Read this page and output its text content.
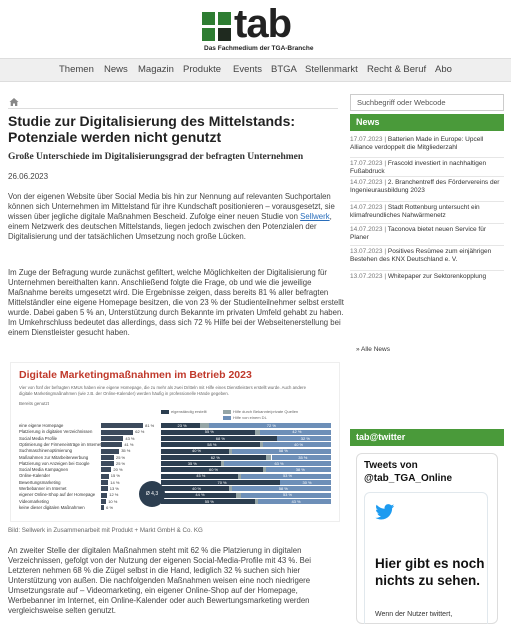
tab
Das Fachmedium der TGA-Branche
Themen News Magazin Produkte Events BTGA Stellenmarkt Recht & Beruf Abo
Studie zur Digitalisierung des Mittelstands: Potenziale werden nicht genutzt
Große Unterschiede im Digitalisierungsgrad der befragten Unternehmen
26.06.2023

Von der eigenen Website über Social Media bis hin zur Nennung auf relevanten Suchportalen können sich Unternehmen im Mittelstand für ihre Kundschaft positionieren – vorausgesetzt, sie wissen über jegliche digitale Maßnahmen Bescheid. Zufolge einer neuen Studie von Sellwerk, einem Netzwerk des deutschen Mittelstands, liegen jedoch zwischen den Potenzialen der Digitalisierung und der tatsächlichen Umsetzung noch große Lücken.

Im Zuge der Befragung wurde zunächst gefiltert, welche Möglichkeiten der Digitalisierung für Unternehmen bereithalten kann. Anschließend folgte die Frage, ob und wie die jeweilige Maßnahme bereits umgesetzt wird. Die Ergebnisse zeigen, dass bereits 81 % aller befragten Mittelständler eine eigene Homepage besitzen, die von 23 % der Studienteilnehmer selbst erstellt wurde. Dabei gaben 5 % an, Unterstützung durch Bekannte im privaten Umfeld gehabt zu haben. Im Umkehrschluss bedeutet das allerdings, dass sich 72 % Hilfe bei der Webseitenerstellung bei einem Dienstleister gesucht haben.

Digitale Marketingmaßnahmen im Betrieb 2023
Vier von fünf der befragten KMUs haben eine eigene Homepage, die zu mehr als zwei Dritteln mit Hilfe eines Dienstleisters erstellt wurde. Auch andere digitale Marketingmaßnahmen (wie z.B. der Online-Kalender) werden häufig in professionelle Hände gegeben.
Bereits genutzt
eigenständig erstellt	Hilfe durch Bekannte/private Quellen
Hilfe von einem DL
eine eigene Homepage	81 %	23 %	72 %
Platzierung in digitalen Verzeichnissen	62 %	55 %	42 %
Social Media Profile	43 %	68 %	32 %
Optimierung der Firmeneinträge im Internet	41 %	58 %	40 %
Suchmaschinenoptimierung	35 %	40 %	58 %
Maßnahmen zur Mitarbeiterwerbung	25 %	62 %	35 %
Platzierung von Anzeigen bei Google	25 %	35 %	63 %
Social Media Kampagnen	20 %	60 %	38 %
Online-Kalender	15 %	45 %	53 %
Bewertungsmarketing	14 %	70 %	30 %
Werbebanner im Internet	13 %	40 %	58 %
eigener Online-Shop auf der Homepage	12 %	44 %	53 %
Videomarketing	10 %	55 %	43 %
keine dieser digitalen Maßnahmen	6 %
Ø 4,3
Bild: Sellwerk in Zusammenarbeit mit Produkt + Markt GmbH & Co. KG

An zweiter Stelle der digitalen Maßnahmen steht mit 62 % die Platzierung in digitalen Verzeichnissen, gefolgt von der Nutzung der eigenen Social-Media-Profile mit 43 %. Bei Letzteren nehmen 68 % die Zügel selbst in die Hand, lediglich 32 % suchen sich hier Unterstützung von außen. Die nachfolgenden Maßnahmen weisen eine noch niedrigere Umsetzungsrate auf – Videomarketing, ein eigener Online-Shop auf der Homepage, Werbebanner im Internet, ein Online-Kalender oder auch Bewertungsmarketing werden vergleichsweise selten genutzt.

Suchbegriff oder Webcode
News
17.07.2023 | Batterien Made in Europe: Upcell Alliance verdoppelt die Mitgliederzahl
17.07.2023 | Frascold investiert in nachhaltigen Fußabdruck
14.07.2023 | 2. Branchentreff des Fördervereins der Ingenieurausbildung 2023
14.07.2023 | Stadt Rottenburg untersucht ein klimafreundliches Nahwärmenetz
14.07.2023 | Taconova bietet neuen Service für Planer
13.07.2023 | Positives Resümee zum einjährigen Bestehen des KNX Deutschland e. V.
13.07.2023 | Whitepaper zur Sektorenkopplung
» Alle News
tab@twitter
Tweets von @tab_TGA_Online
Hier gibt es noch nichts zu sehen.
Wenn der Nutzer twittert,
